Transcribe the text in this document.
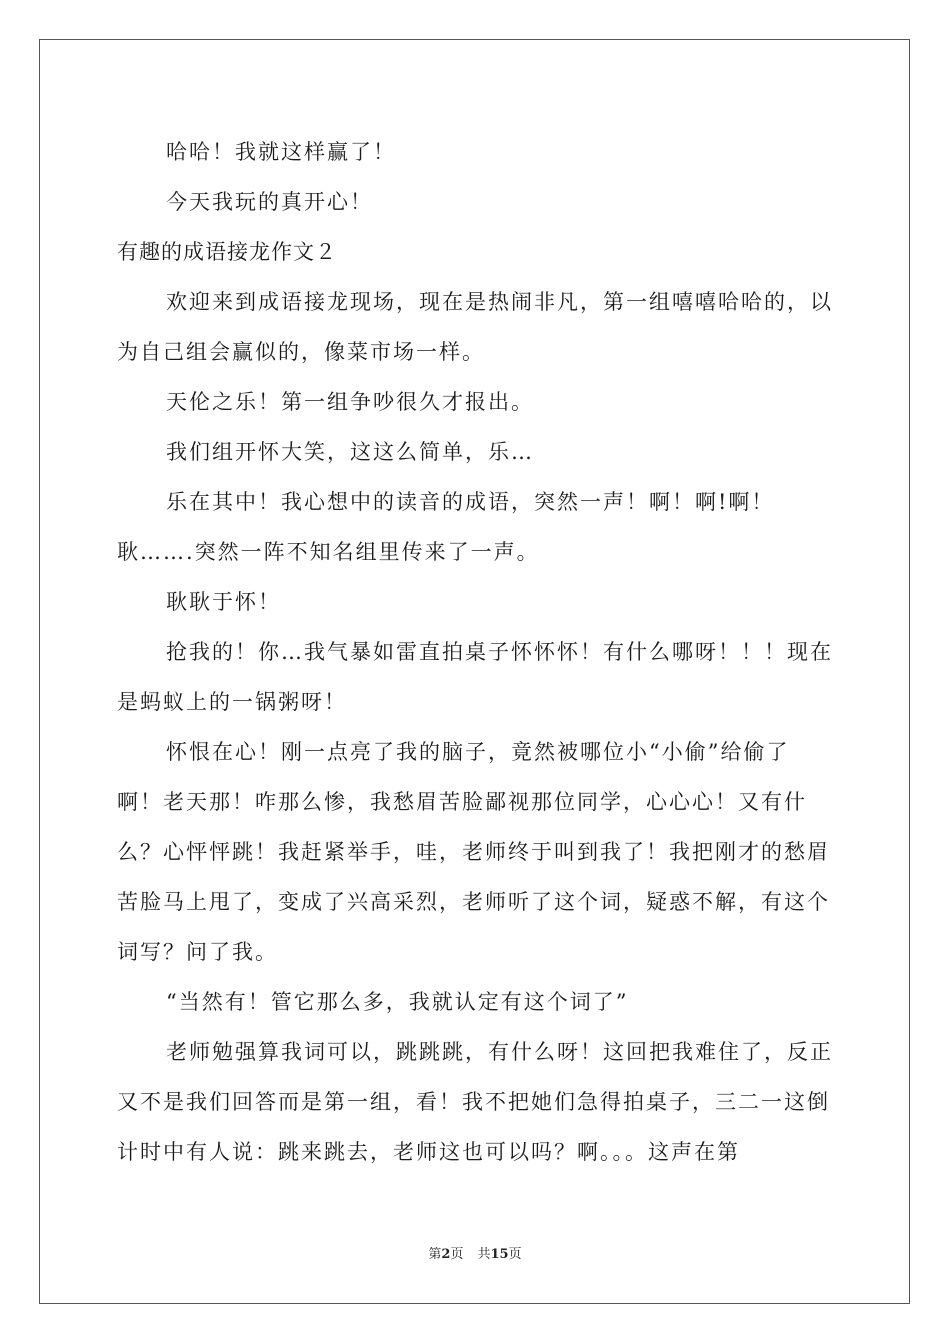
哈哈！我就这样赢了！

今天我玩的真开心！

有趣的成语接龙作文２

欢迎来到成语接龙现场，现在是热闹非凡，第一组嘻嘻哈哈的，以为自己组会赢似的，像菜市场一样。

天伦之乐！第一组争吵很久才报出。

我们组开怀大笑，这这么简单，乐…

乐在其中！我心想中的读音的成语，突然一声！啊！啊!啊！耿…….突然一阵不知名组里传来了一声。

耿耿于怀！

抢我的！你…我气暴如雷直拍桌子怀怀怀！有什么哪呀！！！现在是蚂蚁上的一锅粥呀！

怀恨在心！刚一点亮了我的脑子，竟然被哪位小“小偷”给偷了啊！老天那！咋那么惨，我愁眉苦脸鄙视那位同学，心心心！又有什么？心怦怦跳！我赶紧举手，哇，老师终于叫到我了！我把刚才的愁眉苦脸马上甩了，变成了兴高采烈，老师听了这个词，疑惑不解，有这个词写？问了我。

“当然有！管它那么多，我就认定有这个词了”

老师勉强算我词可以，跳跳跳，有什么呀！这回把我难住了，反正又不是我们回答而是第一组，看！我不把她们急得拍桌子，三二一这倒计时中有人说：跳来跳去，老师这也可以吗？啊。。。这声在第

第2页 共15页
